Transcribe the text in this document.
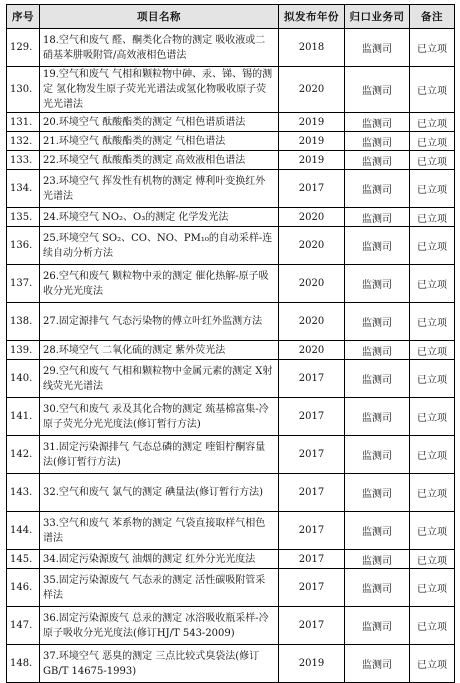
序号	项目名称	拟发布年份	归口业务司	备注
129.	18.空气和废气 醛、酮类化合物的测定 吸收液或二硝基苯肼吸附管/高效液相色谱法	2018	监测司	已立项
130.	19.空气和废气 气相和颗粒物中砷、汞、锑、锡的测定 氢化物发生原子荧光光谱法或氢化物吸收原子荧光光谱法	2020	监测司	已立项
131.	20.环境空气 酞酸酯类的测定 气相色谱质谱法	2019	监测司	已立项
132.	21.环境空气 酞酸酯类的测定 气相色谱法	2019	监测司	已立项
133.	22.环境空气 酞酸酯类的测定 高效液相色谱法	2019	监测司	已立项
134.	23.环境空气 挥发性有机物的测定 傅利叶变换红外光谱法	2017	监测司	已立项
135.	24.环境空气 NO₂、O₃的测定 化学发光法	2020	监测司	已立项
136.	25.环境空气 SO₂、CO、NO、PM₁₀的自动采样-连续自动分析方法	2020	监测司	已立项
137.	26.空气和废气 颗粒物中汞的测定 催化热解-原子吸收分光光度法	2020	监测司	已立项
138.	27.固定源排气 气态污染物的傅立叶红外监测方法	2020	监测司	已立项
139.	28.环境空气 二氧化硫的测定 紫外荧光法	2020	监测司	已立项
140.	29.空气和废气 气相和颗粒物中金属元素的测定 X射线荧光光谱法	2017	监测司	已立项
141.	30.空气和废气 汞及其化合物的测定 巯基棉富集-冷原子荧光分光光度法(修订暂行方法)	2017	监测司	已立项
142.	31.固定污染源排气 气态总磷的测定 喹钼柠酮容量法(修订暂行方法)	2017	监测司	已立项
143.	32.空气和废气 氯气的测定 碘量法(修订暂行方法)	2017	监测司	已立项
144.	33.空气和废气 苯系物的测定 气袋直接取样气相色谱法	2017	监测司	已立项
145.	34.固定污染源废气 油烟的测定 红外分光光度法	2017	监测司	已立项
146.	35.固定污染源废气 气态汞的测定 活性碳吸附管采样法	2017	监测司	已立项
147.	36.固定污染源废气 总汞的测定 冰浴吸收瓶采样-冷原子吸收分光光度法(修订HJ/T 543-2009)	2017	监测司	已立项
148.	37.环境空气 恶臭的测定 三点比较式臭袋法(修订GB/T 14675-1993)	2019	监测司	已立项
